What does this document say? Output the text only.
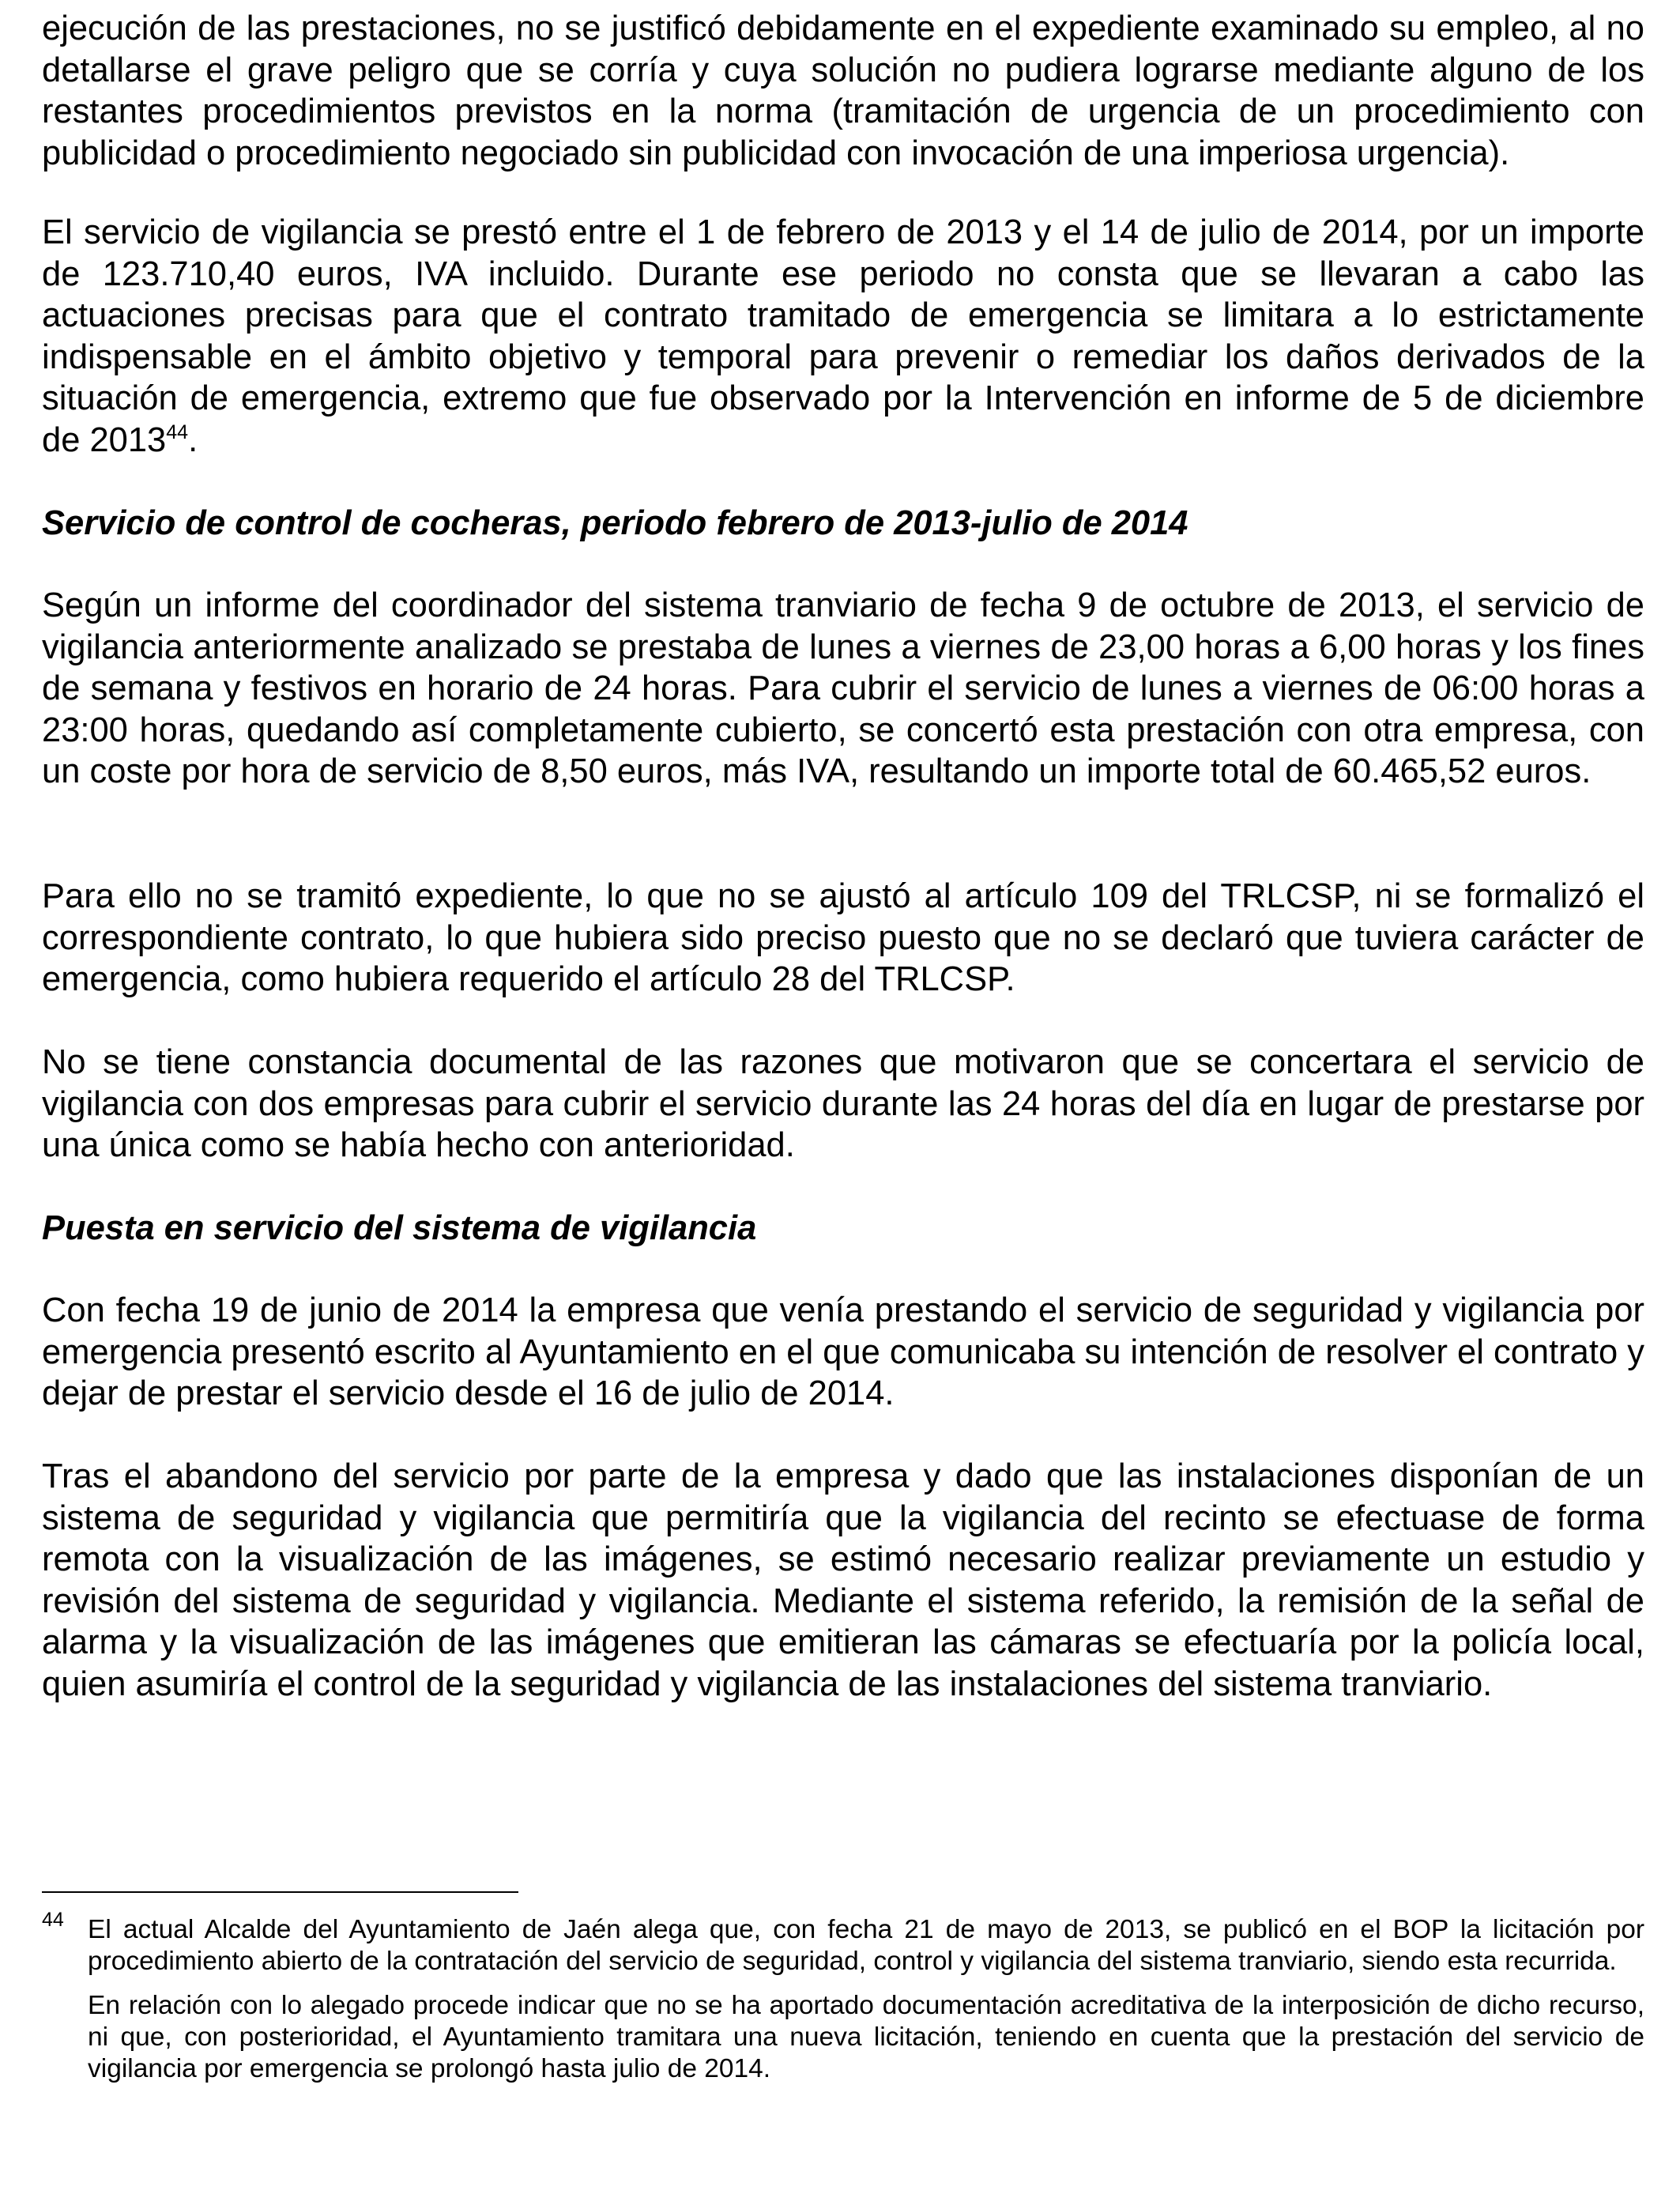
ejecución de las prestaciones, no se justificó debidamente en el expediente examinado su empleo, al no detallarse el grave peligro que se corría y cuya solución no pudiera lograrse mediante alguno de los restantes procedimientos previstos en la norma (tramitación de urgencia de un procedimiento con publicidad o procedimiento negociado sin publicidad con invocación de una imperiosa urgencia).

El servicio de vigilancia se prestó entre el 1 de febrero de 2013 y el 14 de julio de 2014, por un importe de 123.710,40 euros, IVA incluido. Durante ese periodo no consta que se llevaran a cabo las actuaciones precisas para que el contrato tramitado de emergencia se limitara a lo estrictamente indispensable en el ámbito objetivo y temporal para prevenir o remediar los daños derivados de la situación de emergencia, extremo que fue observado por la Intervención en informe de 5 de diciembre de 2013$^{44}$.

Servicio de control de cocheras, periodo febrero de 2013-julio de 2014

Según un informe del coordinador del sistema tranviario de fecha 9 de octubre de 2013, el servicio de vigilancia anteriormente analizado se prestaba de lunes a viernes de 23,00 horas a 6,00 horas y los fines de semana y festivos en horario de 24 horas. Para cubrir el servicio de lunes a viernes de 06:00 horas a 23:00 horas, quedando así completamente cubierto, se concertó esta prestación con otra empresa, con un coste por hora de servicio de 8,50 euros, más IVA, resultando un importe total de 60.465,52 euros.

Para ello no se tramitó expediente, lo que no se ajustó al artículo 109 del TRLCSP, ni se formalizó el correspondiente contrato, lo que hubiera sido preciso puesto que no se declaró que tuviera carácter de emergencia, como hubiera requerido el artículo 28 del TRLCSP.

No se tiene constancia documental de las razones que motivaron que se concertara el servicio de vigilancia con dos empresas para cubrir el servicio durante las 24 horas del día en lugar de prestarse por una única como se había hecho con anterioridad.

Puesta en servicio del sistema de vigilancia

Con fecha 19 de junio de 2014 la empresa que venía prestando el servicio de seguridad y vigilancia por emergencia presentó escrito al Ayuntamiento en el que comunicaba su intención de resolver el contrato y dejar de prestar el servicio desde el 16 de julio de 2014.

Tras el abandono del servicio por parte de la empresa y dado que las instalaciones disponían de un sistema de seguridad y vigilancia que permitiría que la vigilancia del recinto se efectuase de forma remota con la visualización de las imágenes, se estimó necesario realizar previamente un estudio y revisión del sistema de seguridad y vigilancia. Mediante el sistema referido, la remisión de la señal de alarma y la visualización de las imágenes que emitieran las cámaras se efectuaría por la policía local, quien asumiría el control de la seguridad y vigilancia de las instalaciones del sistema tranviario.

44 El actual Alcalde del Ayuntamiento de Jaén alega que, con fecha 21 de mayo de 2013, se publicó en el BOP la licitación por procedimiento abierto de la contratación del servicio de seguridad, control y vigilancia del sistema tranviario, siendo esta recurrida.

En relación con lo alegado procede indicar que no se ha aportado documentación acreditativa de la interposición de dicho recurso, ni que, con posterioridad, el Ayuntamiento tramitara una nueva licitación, teniendo en cuenta que la prestación del servicio de vigilancia por emergencia se prolongó hasta julio de 2014.
